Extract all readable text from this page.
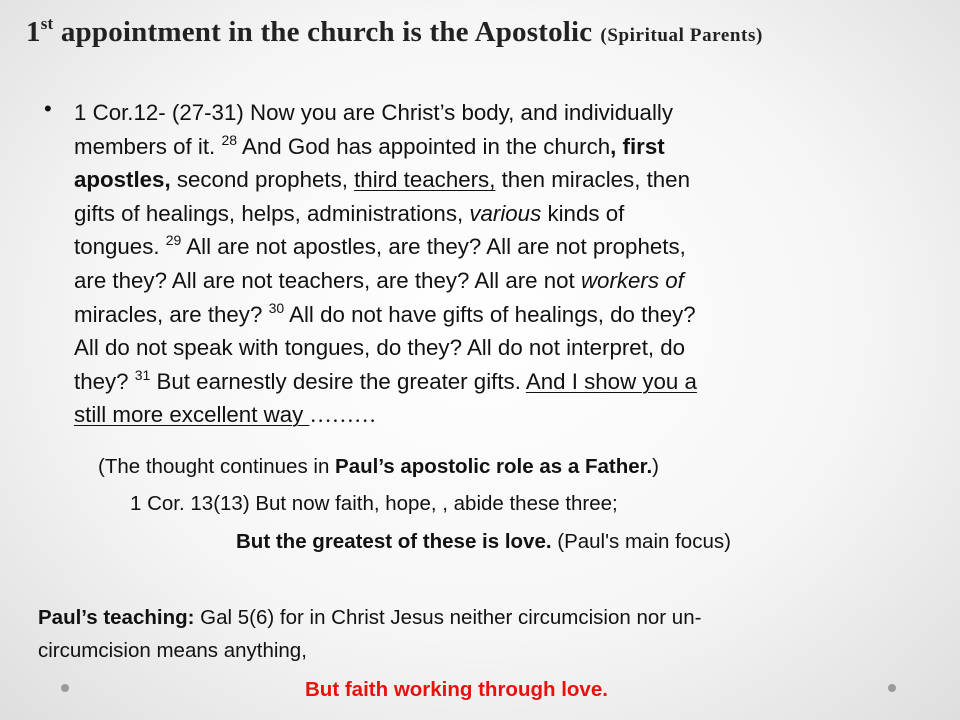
1st appointment in the church is the Apostolic (Spiritual Parents)
• 1 Cor.12- (27-31) Now you are Christ’s body, and individually
members of it. $^{28}$ And God has appointed in the church, first
apostles, second prophets, third teachers, then miracles, then
gifts of healings, helps, administrations, various kinds of
tongues. $^{29}$ All are not apostles, are they? All are not prophets,
are they? All are not teachers, are they? All are not workers of
miracles, are they? $^{30}$ All do not have gifts of healings, do they?
All do not speak with tongues, do they? All do not interpret, do
they? $^{31}$ But earnestly desire the greater gifts. And I show you a
still more excellent way ………
(The thought continues in Paul’s apostolic role as a Father.)
1 Cor. 13(13) But now faith, hope, , abide these three;
But the greatest of these is love. (Paul's main focus)
Paul’s teaching: Gal 5(6) for in Christ Jesus neither circumcision nor un-
circumcision means anything,
But faith working through love.
